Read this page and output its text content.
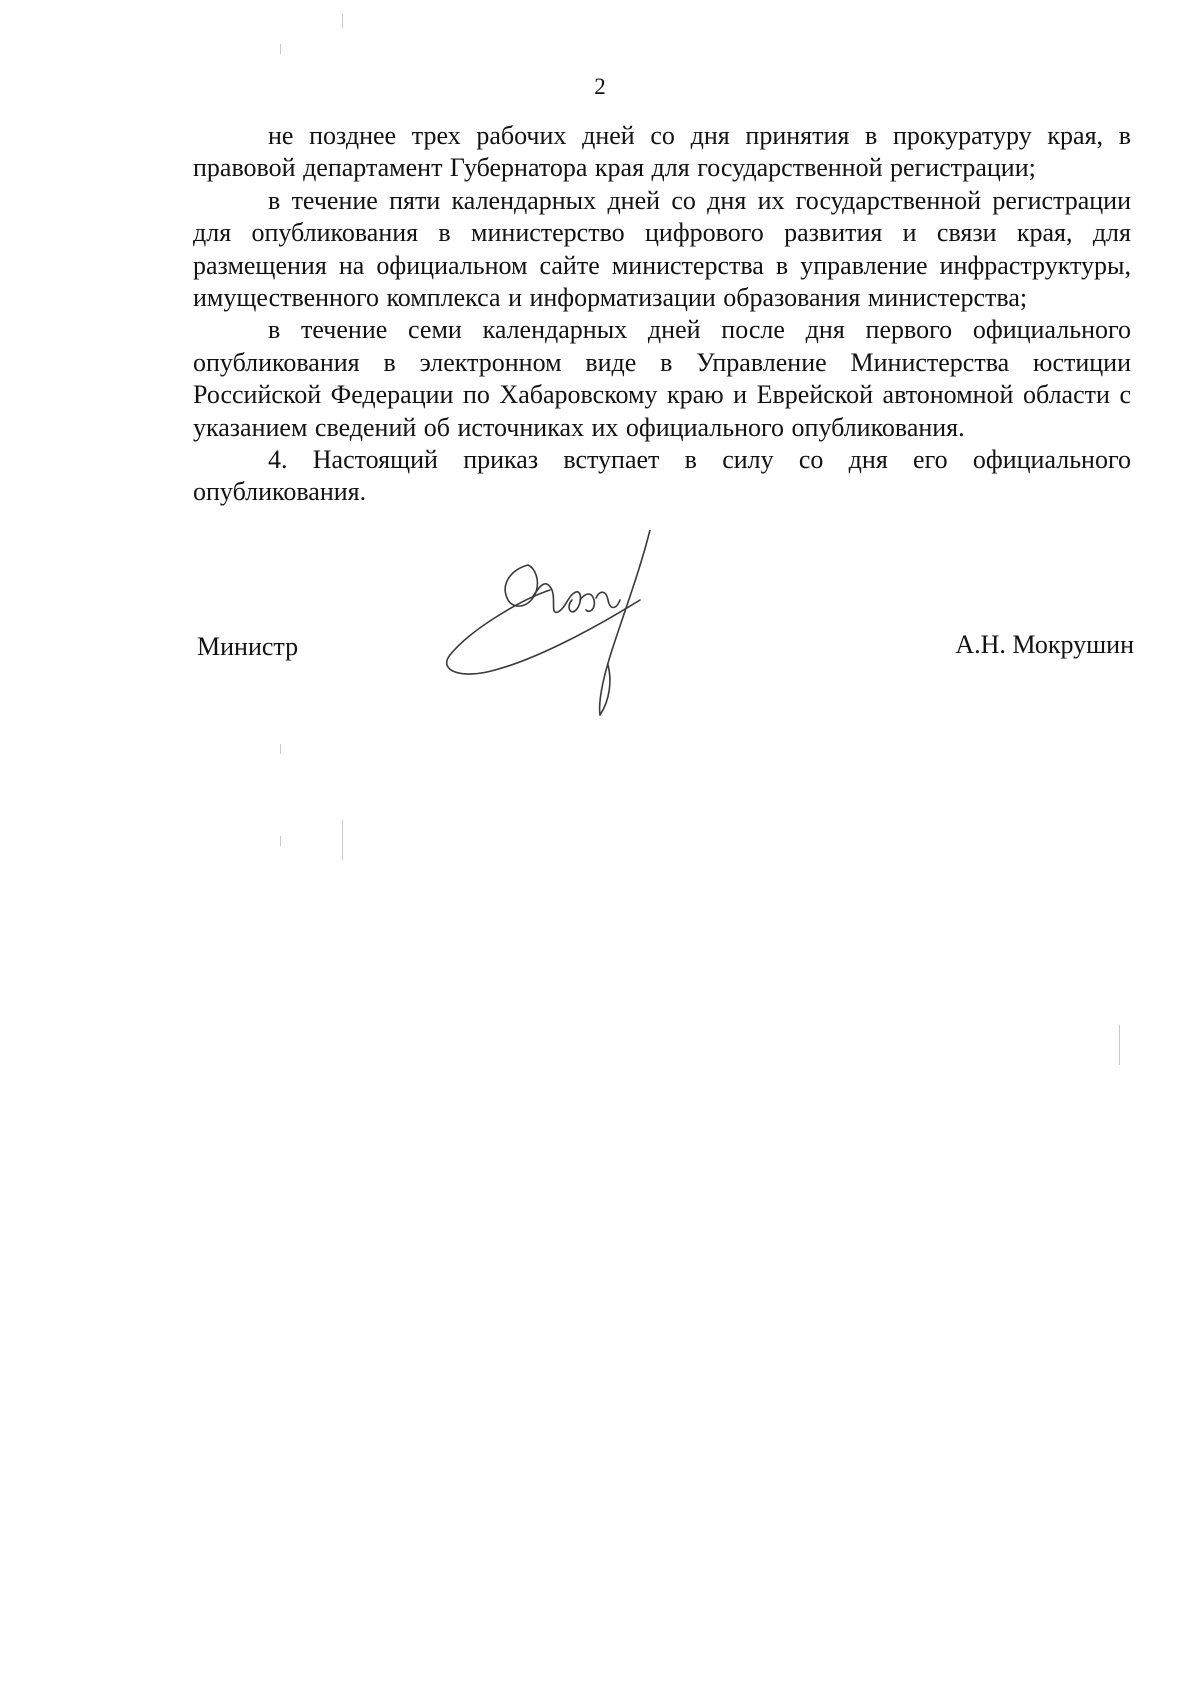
2

не позднее трех рабочих дней со дня принятия в прокуратуру края, в правовой департамент Губернатора края для государственной регистрации;

в течение пяти календарных дней со дня их государственной регистрации для опубликования в министерство цифрового развития и связи края, для размещения на официальном сайте министерства в управление инфраструктуры, имущественного комплекса и информатизации образования министерства;

в течение семи календарных дней после дня первого официального опубликования в электронном виде в Управление Министерства юстиции Российской Федерации по Хабаровскому краю и Еврейской автономной области с указанием сведений об источниках их официального опубликования.

4. Настоящий приказ вступает в силу со дня его официального опубликования.

Министр	А.Н. Мокрушин
